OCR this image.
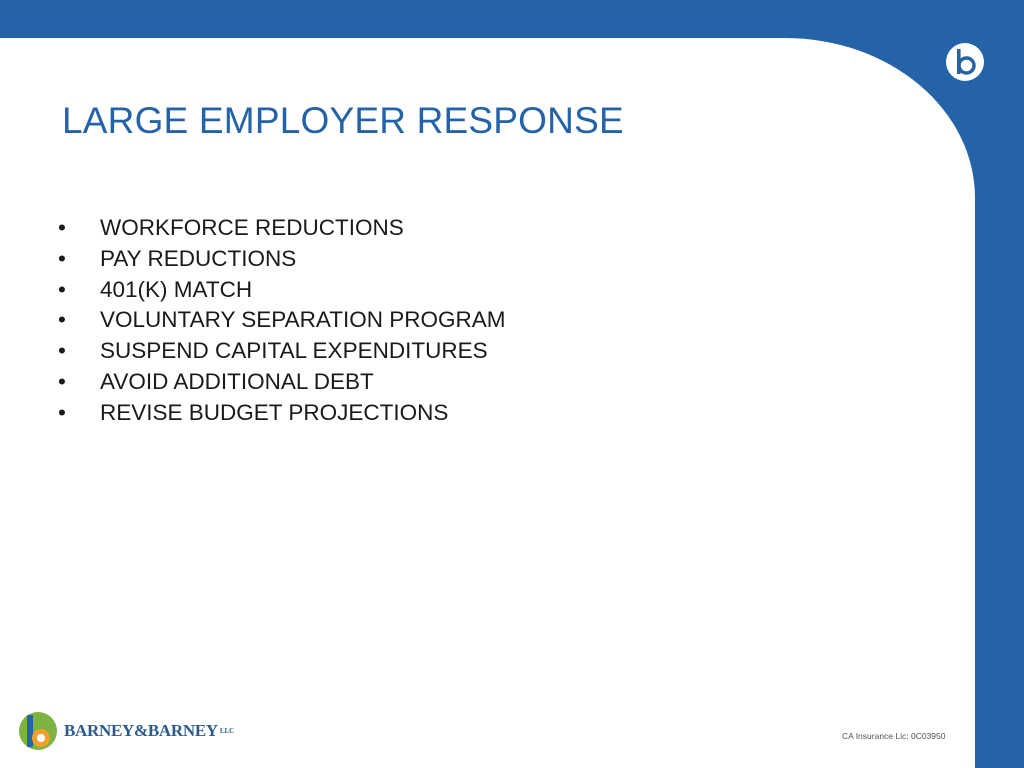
LARGE EMPLOYER RESPONSE
•	WORKFORCE REDUCTIONS
•	PAY REDUCTIONS
•	401(K) MATCH
•	VOLUNTARY SEPARATION PROGRAM
•	SUSPEND CAPITAL EXPENDITURES
•	AVOID ADDITIONAL DEBT
•	REVISE BUDGET PROJECTIONS
BARNEY&BARNEY LLC	CA Insurance Lic: 0C03950
